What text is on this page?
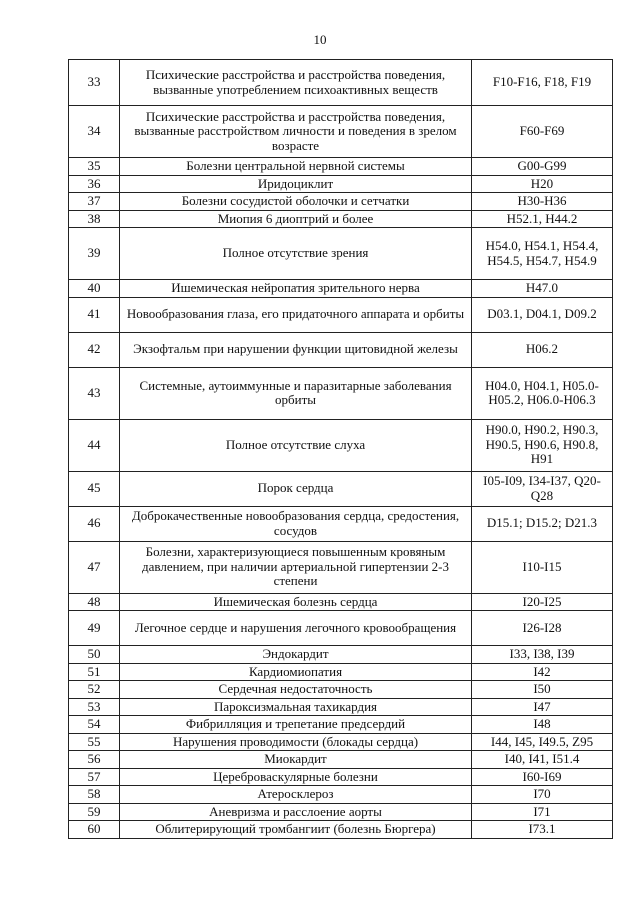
10
33	Психические расстройства и расстройства поведения, вызванные употреблением психоактивных веществ	F10-F16, F18, F19
34	Психические расстройства и расстройства поведения, вызванные расстройством личности и поведения в зрелом возрасте	F60-F69
35	Болезни центральной нервной системы	G00-G99
36	Иридоциклит	H20
37	Болезни сосудистой оболочки и сетчатки	H30-H36
38	Миопия 6 диоптрий и более	H52.1, H44.2
39	Полное отсутствие зрения	H54.0, H54.1, H54.4, H54.5, H54.7, H54.9
40	Ишемическая нейропатия зрительного нерва	H47.0
41	Новообразования глаза, его придаточного аппарата и орбиты	D03.1, D04.1, D09.2
42	Экзофтальм при нарушении функции щитовидной железы	H06.2
43	Системные, аутоиммунные и паразитарные заболевания орбиты	H04.0, H04.1, H05.0-H05.2, H06.0-H06.3
44	Полное отсутствие слуха	H90.0, H90.2, H90.3, H90.5, H90.6, H90.8, H91
45	Порок сердца	I05-I09, I34-I37, Q20-Q28
46	Доброкачественные новообразования сердца, средостения, сосудов	D15.1; D15.2; D21.3
47	Болезни, характеризующиеся повышенным кровяным давлением, при наличии артериальной гипертензии 2-3 степени	I10-I15
48	Ишемическая болезнь сердца	I20-I25
49	Легочное сердце и нарушения легочного кровообращения	I26-I28
50	Эндокардит	I33, I38, I39
51	Кардиомиопатия	I42
52	Сердечная недостаточность	I50
53	Пароксизмальная тахикардия	I47
54	Фибрилляция и трепетание предсердий	I48
55	Нарушения проводимости (блокады сердца)	I44, I45, I49.5, Z95
56	Миокардит	I40, I41, I51.4
57	Цереброваскулярные болезни	I60-I69
58	Атеросклероз	I70
59	Аневризма и расслоение аорты	I71
60	Облитерирующий тромбангиит (болезнь Бюргера)	I73.1
